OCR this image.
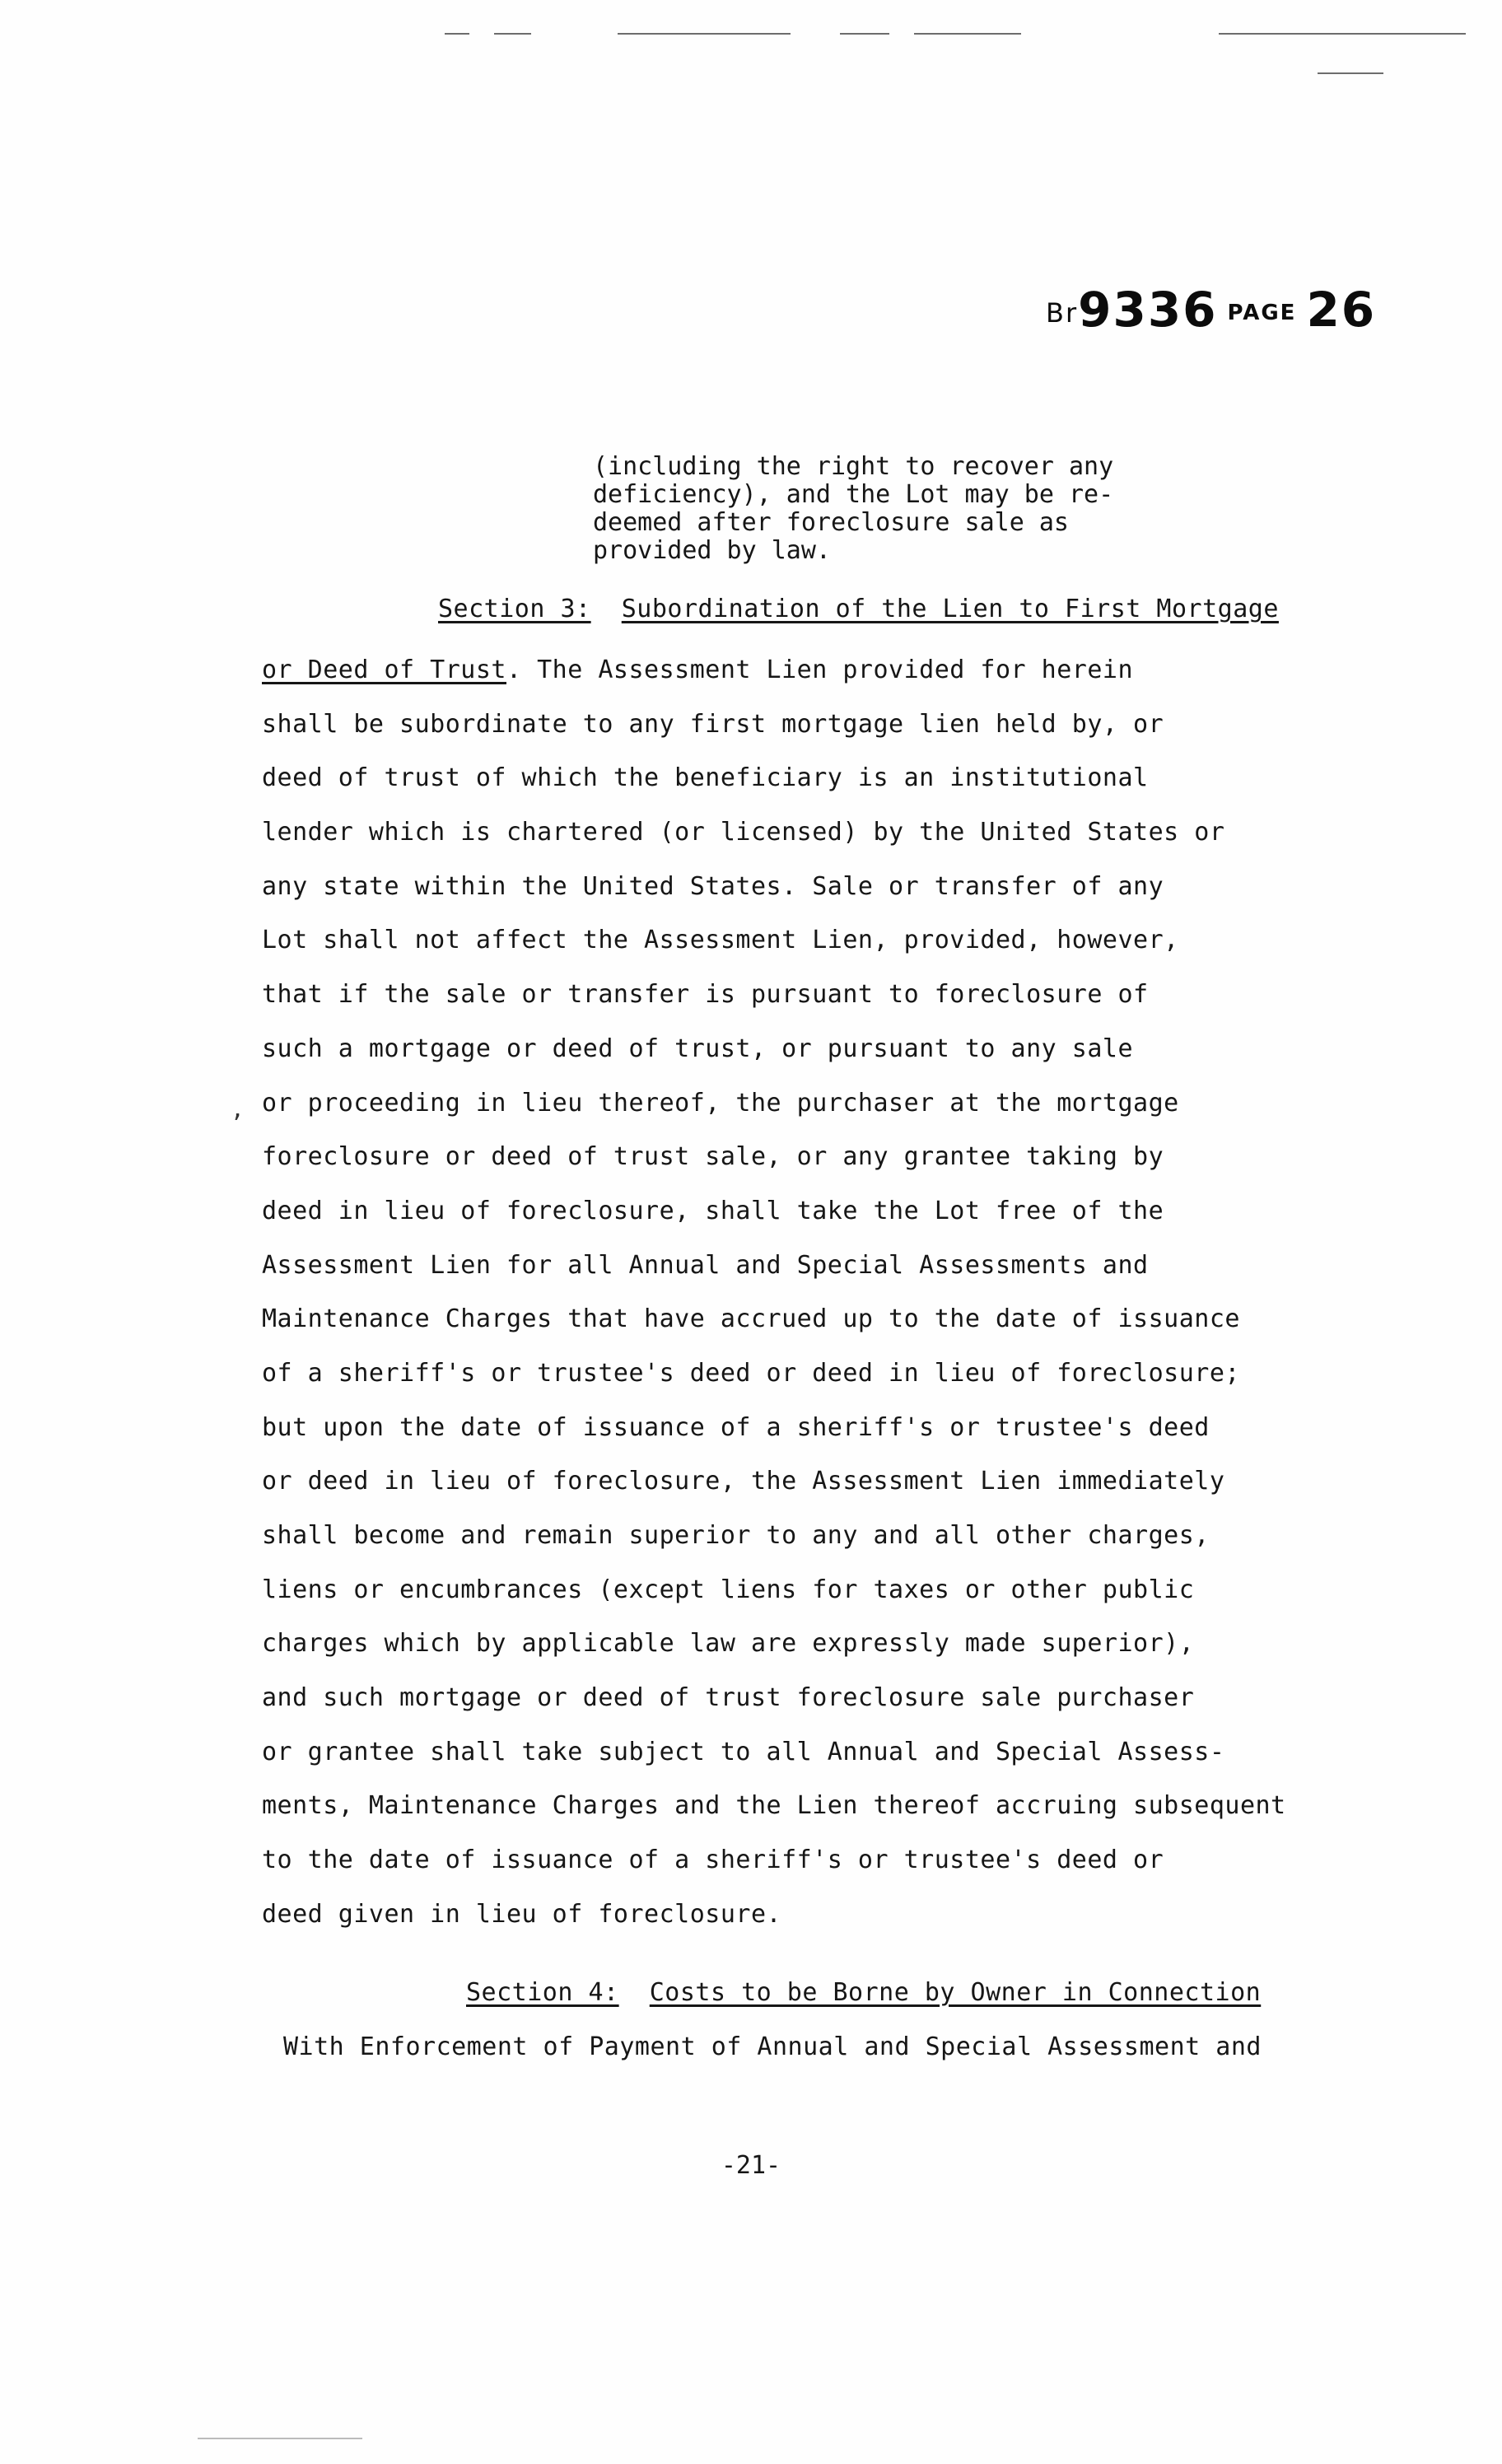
Br9336 PAGE 26
(including the right to recover any
deficiency), and the Lot may be re-
deemed after foreclosure sale as
provided by law.
Section 3: Subordination of the Lien to First Mortgage
or Deed of Trust. The Assessment Lien provided for herein
shall be subordinate to any first mortgage lien held by, or
deed of trust of which the beneficiary is an institutional
lender which is chartered (or licensed) by the United States or
any state within the United States. Sale or transfer of any
Lot shall not affect the Assessment Lien, provided, however,
that if the sale or transfer is pursuant to foreclosure of
such a mortgage or deed of trust, or pursuant to any sale
or proceeding in lieu thereof, the purchaser at the mortgage
foreclosure or deed of trust sale, or any grantee taking by
deed in lieu of foreclosure, shall take the Lot free of the
Assessment Lien for all Annual and Special Assessments and
Maintenance Charges that have accrued up to the date of issuance
of a sheriff's or trustee's deed or deed in lieu of foreclosure;
but upon the date of issuance of a sheriff's or trustee's deed
or deed in lieu of foreclosure, the Assessment Lien immediately
shall become and remain superior to any and all other charges,
liens or encumbrances (except liens for taxes or other public
charges which by applicable law are expressly made superior),
and such mortgage or deed of trust foreclosure sale purchaser
or grantee shall take subject to all Annual and Special Assess-
ments, Maintenance Charges and the Lien thereof accruing subsequent
to the date of issuance of a sheriff's or trustee's deed or
deed given in lieu of foreclosure.
,
Section 4: Costs to be Borne by Owner in Connection
With Enforcement of Payment of Annual and Special Assessment and
-21-
